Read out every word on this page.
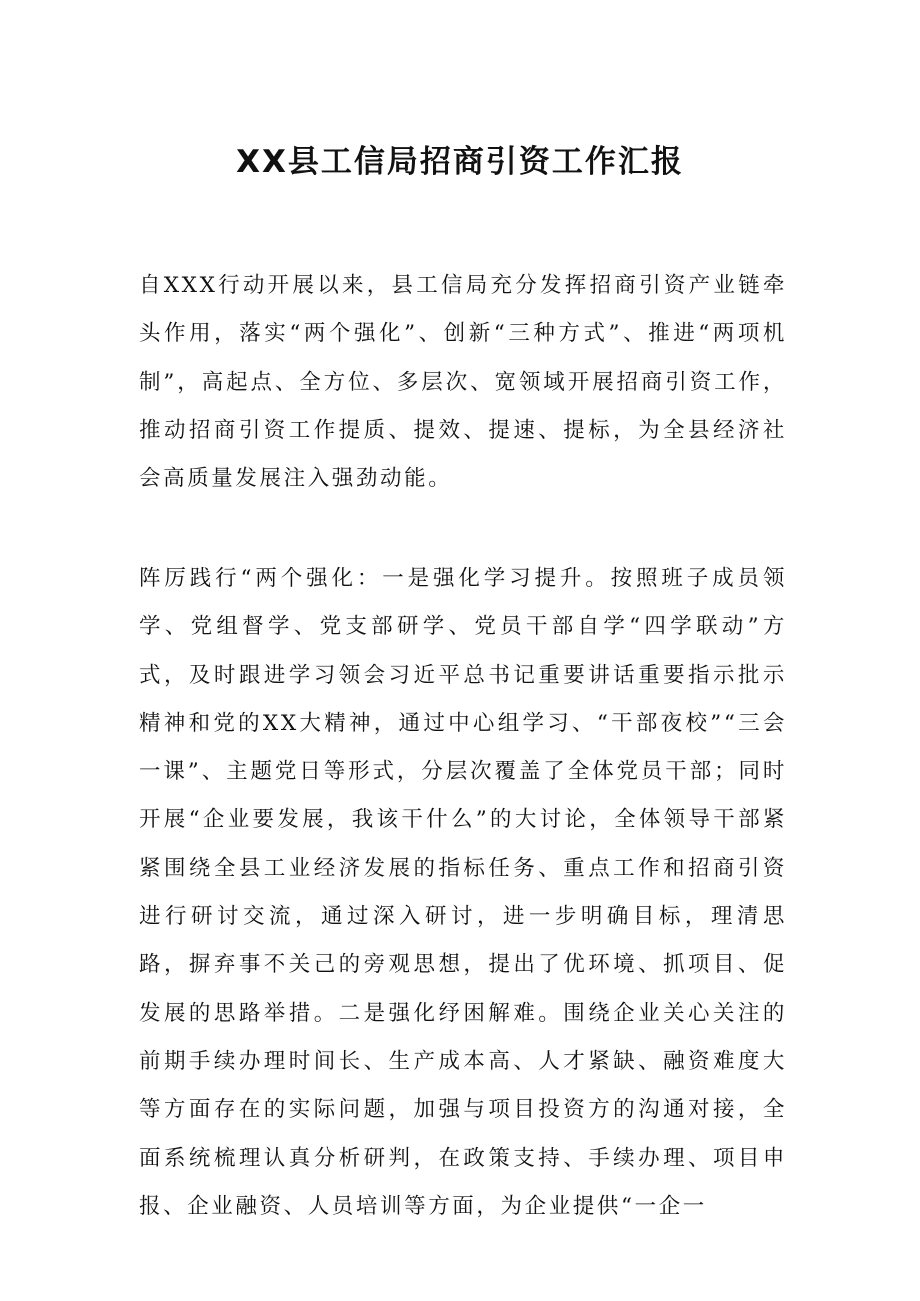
XX县工信局招商引资工作汇报

自XXX行动开展以来，县工信局充分发挥招商引资产业链牵头作用，落实“两个强化”、创新“三种方式”、推进“两项机制”，高起点、全方位、多层次、宽领域开展招商引资工作，推动招商引资工作提质、提效、提速、提标，为全县经济社会高质量发展注入强劲动能。

阵厉践行“两个强化：一是强化学习提升。按照班子成员领学、党组督学、党支部研学、党员干部自学“四学联动”方式，及时跟进学习领会习近平总书记重要讲话重要指示批示精神和党的XX大精神，通过中心组学习、“干部夜校”“三会一课”、主题党日等形式，分层次覆盖了全体党员干部；同时开展“企业要发展，我该干什么”的大讨论，全体领导干部紧紧围绕全县工业经济发展的指标任务、重点工作和招商引资进行研讨交流，通过深入研讨，进一步明确目标，理清思路，摒弃事不关己的旁观思想，提出了优环境、抓项目、促发展的思路举措。二是强化纾困解难。围绕企业关心关注的前期手续办理时间长、生产成本高、人才紧缺、融资难度大等方面存在的实际问题，加强与项目投资方的沟通对接，全面系统梳理认真分析研判，在政策支持、手续办理、项目申报、企业融资、人员培训等方面，为企业提供“一企一
